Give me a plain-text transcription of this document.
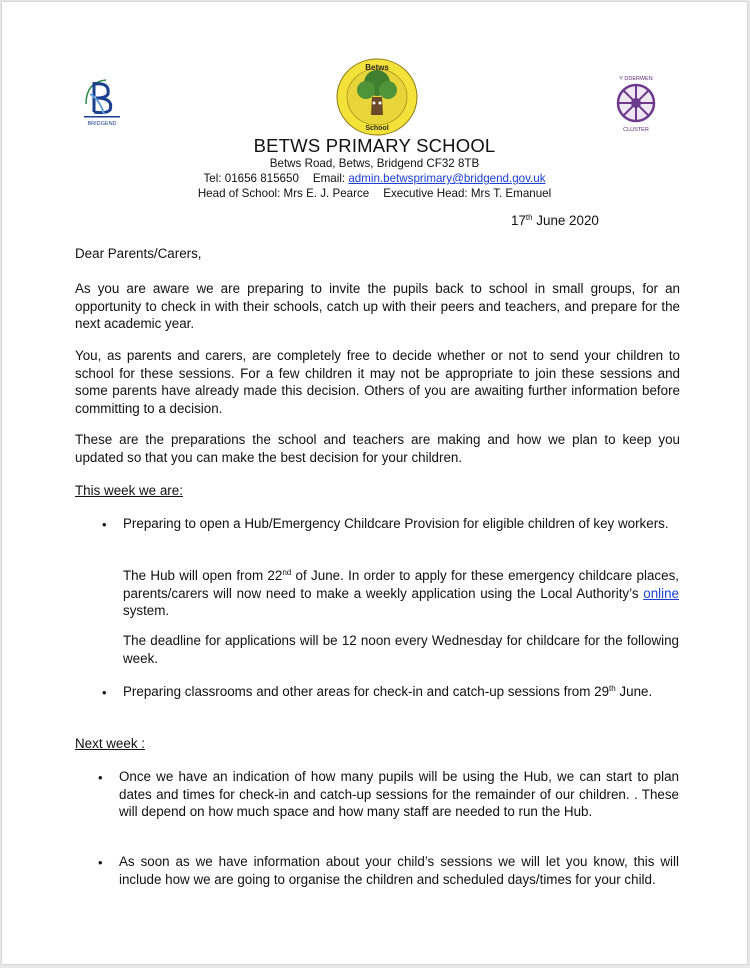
BRIDGEND
Betws
School
Y DDERWEN
CLUSTER
BETWS PRIMARY SCHOOL
Betws Road, Betws, Bridgend CF32 8TB
Tel: 01656 815650 Email: admin.betwsprimary@bridgend.gov.uk
Head of School: Mrs E. J. Pearce Executive Head: Mrs T. Emanuel
17th June 2020
Dear Parents/Carers,
As you are aware we are preparing to invite the pupils back to school in small groups, for an opportunity to check in with their schools, catch up with their peers and teachers, and prepare for the next academic year.
You, as parents and carers, are completely free to decide whether or not to send your children to school for these sessions. For a few children it may not be appropriate to join these sessions and some parents have already made this decision. Others of you are awaiting further information before committing to a decision.
These are the preparations the school and teachers are making and how we plan to keep you updated so that you can make the best decision for your children.
This week we are:
• Preparing to open a Hub/Emergency Childcare Provision for eligible children of key workers.
The Hub will open from 22nd of June. In order to apply for these emergency childcare places, parents/carers will now need to make a weekly application using the Local Authority’s online system.
The deadline for applications will be 12 noon every Wednesday for childcare for the following week.
• Preparing classrooms and other areas for check-in and catch-up sessions from 29th June.
Next week :
• Once we have an indication of how many pupils will be using the Hub, we can start to plan dates and times for check-in and catch-up sessions for the remainder of our children. . These will depend on how much space and how many staff are needed to run the Hub.
• As soon as we have information about your child’s sessions we will let you know, this will include how we are going to organise the children and scheduled days/times for your child.
